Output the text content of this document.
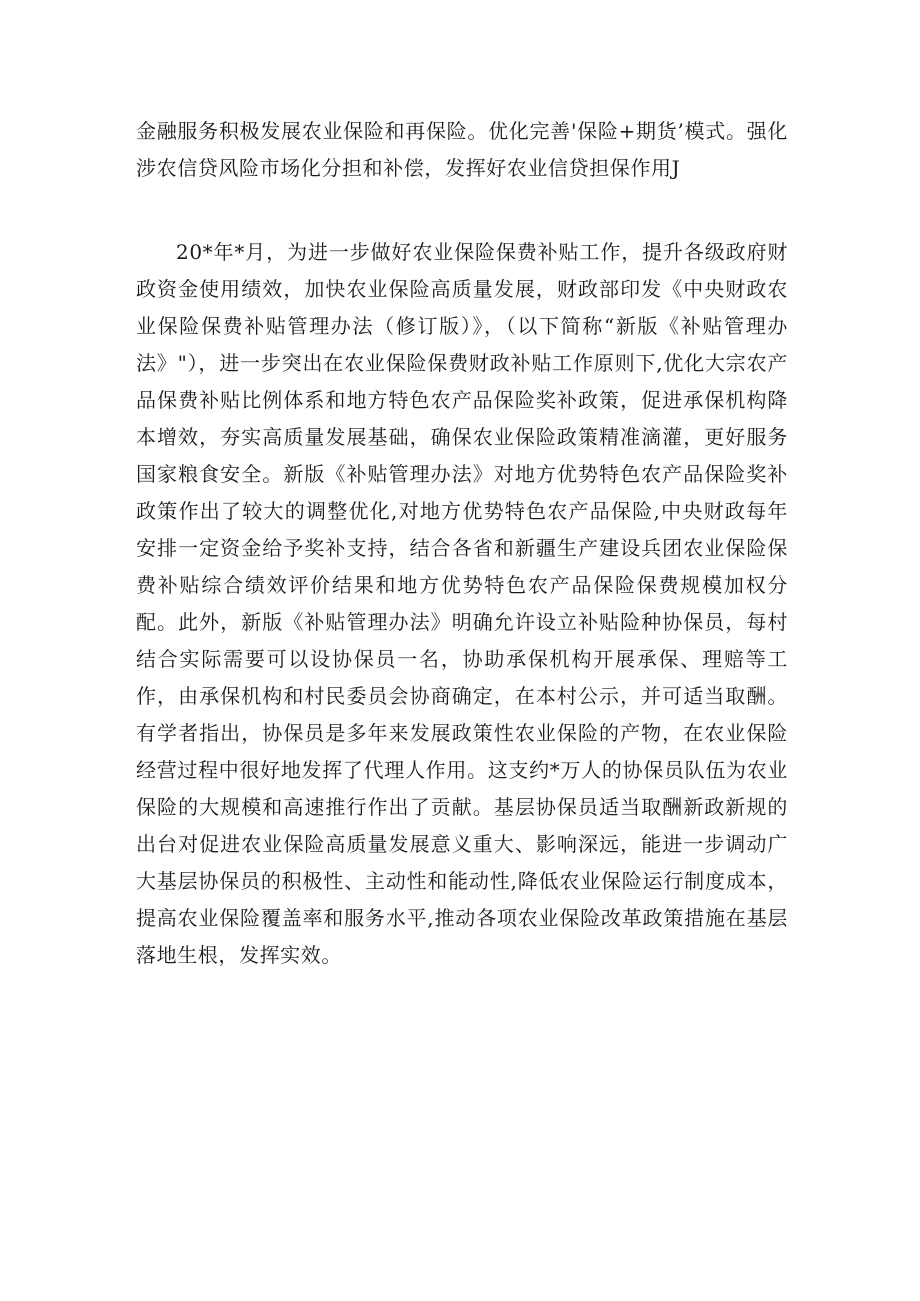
金融服务积极发展农业保险和再保险。优化完善'保险+期货’模式。强化涉农信贷风险市场化分担和补偿，发挥好农业信贷担保作用J

20*年*月，为进一步做好农业保险保费补贴工作，提升各级政府财政资金使用绩效，加快农业保险高质量发展，财政部印发《中央财政农业保险保费补贴管理办法（修订版）》，（以下简称“新版《补贴管理办法》"），进一步突出在农业保险保费财政补贴工作原则下,优化大宗农产品保费补贴比例体系和地方特色农产品保险奖补政策，促进承保机构降本增效，夯实高质量发展基础，确保农业保险政策精准滴灌，更好服务国家粮食安全。新版《补贴管理办法》对地方优势特色农产品保险奖补政策作出了较大的调整优化,对地方优势特色农产品保险,中央财政每年安排一定资金给予奖补支持，结合各省和新疆生产建设兵团农业保险保费补贴综合绩效评价结果和地方优势特色农产品保险保费规模加权分配。此外，新版《补贴管理办法》明确允许设立补贴险种协保员，每村结合实际需要可以设协保员一名，协助承保机构开展承保、理赔等工作，由承保机构和村民委员会协商确定，在本村公示，并可适当取酬。有学者指出，协保员是多年来发展政策性农业保险的产物，在农业保险经营过程中很好地发挥了代理人作用。这支约*万人的协保员队伍为农业保险的大规模和高速推行作出了贡献。基层协保员适当取酬新政新规的出台对促进农业保险高质量发展意义重大、影响深远，能进一步调动广大基层协保员的积极性、主动性和能动性,降低农业保险运行制度成本，提高农业保险覆盖率和服务水平,推动各项农业保险改革政策措施在基层落地生根，发挥实效。
